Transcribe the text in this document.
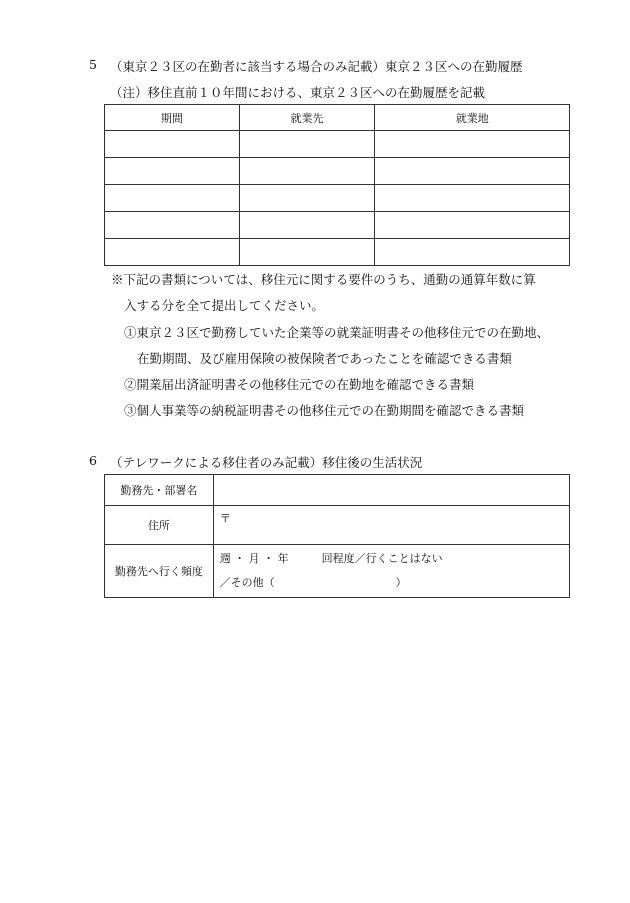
5 （東京２３区の在勤者に該当する場合のみ記載）東京２３区への在勤履歴
（注）移住直前１０年間における、東京２３区への在勤履歴を記載
期間	就業先	就業地

※下記の書類については、移住元に関する要件のうち、通勤の通算年数に算
入する分を全て提出してください。
①東京２３区で勤務していた企業等の就業証明書その他移住元での在勤地、
在勤期間、及び雇用保険の被保険者であったことを確認できる書類
②開業届出済証明書その他移住元での在勤地を確認できる書類
③個人事業等の納税証明書その他移住元での在勤期間を確認できる書類
6 （テレワークによる移住者のみ記載）移住後の生活状況
勤務先・部署名	
住所	〒
勤務先へ行く頻度	週 ・ 月 ・ 年　　　回程度／行くことはない
／その他（　　　　　　　　　　　）
